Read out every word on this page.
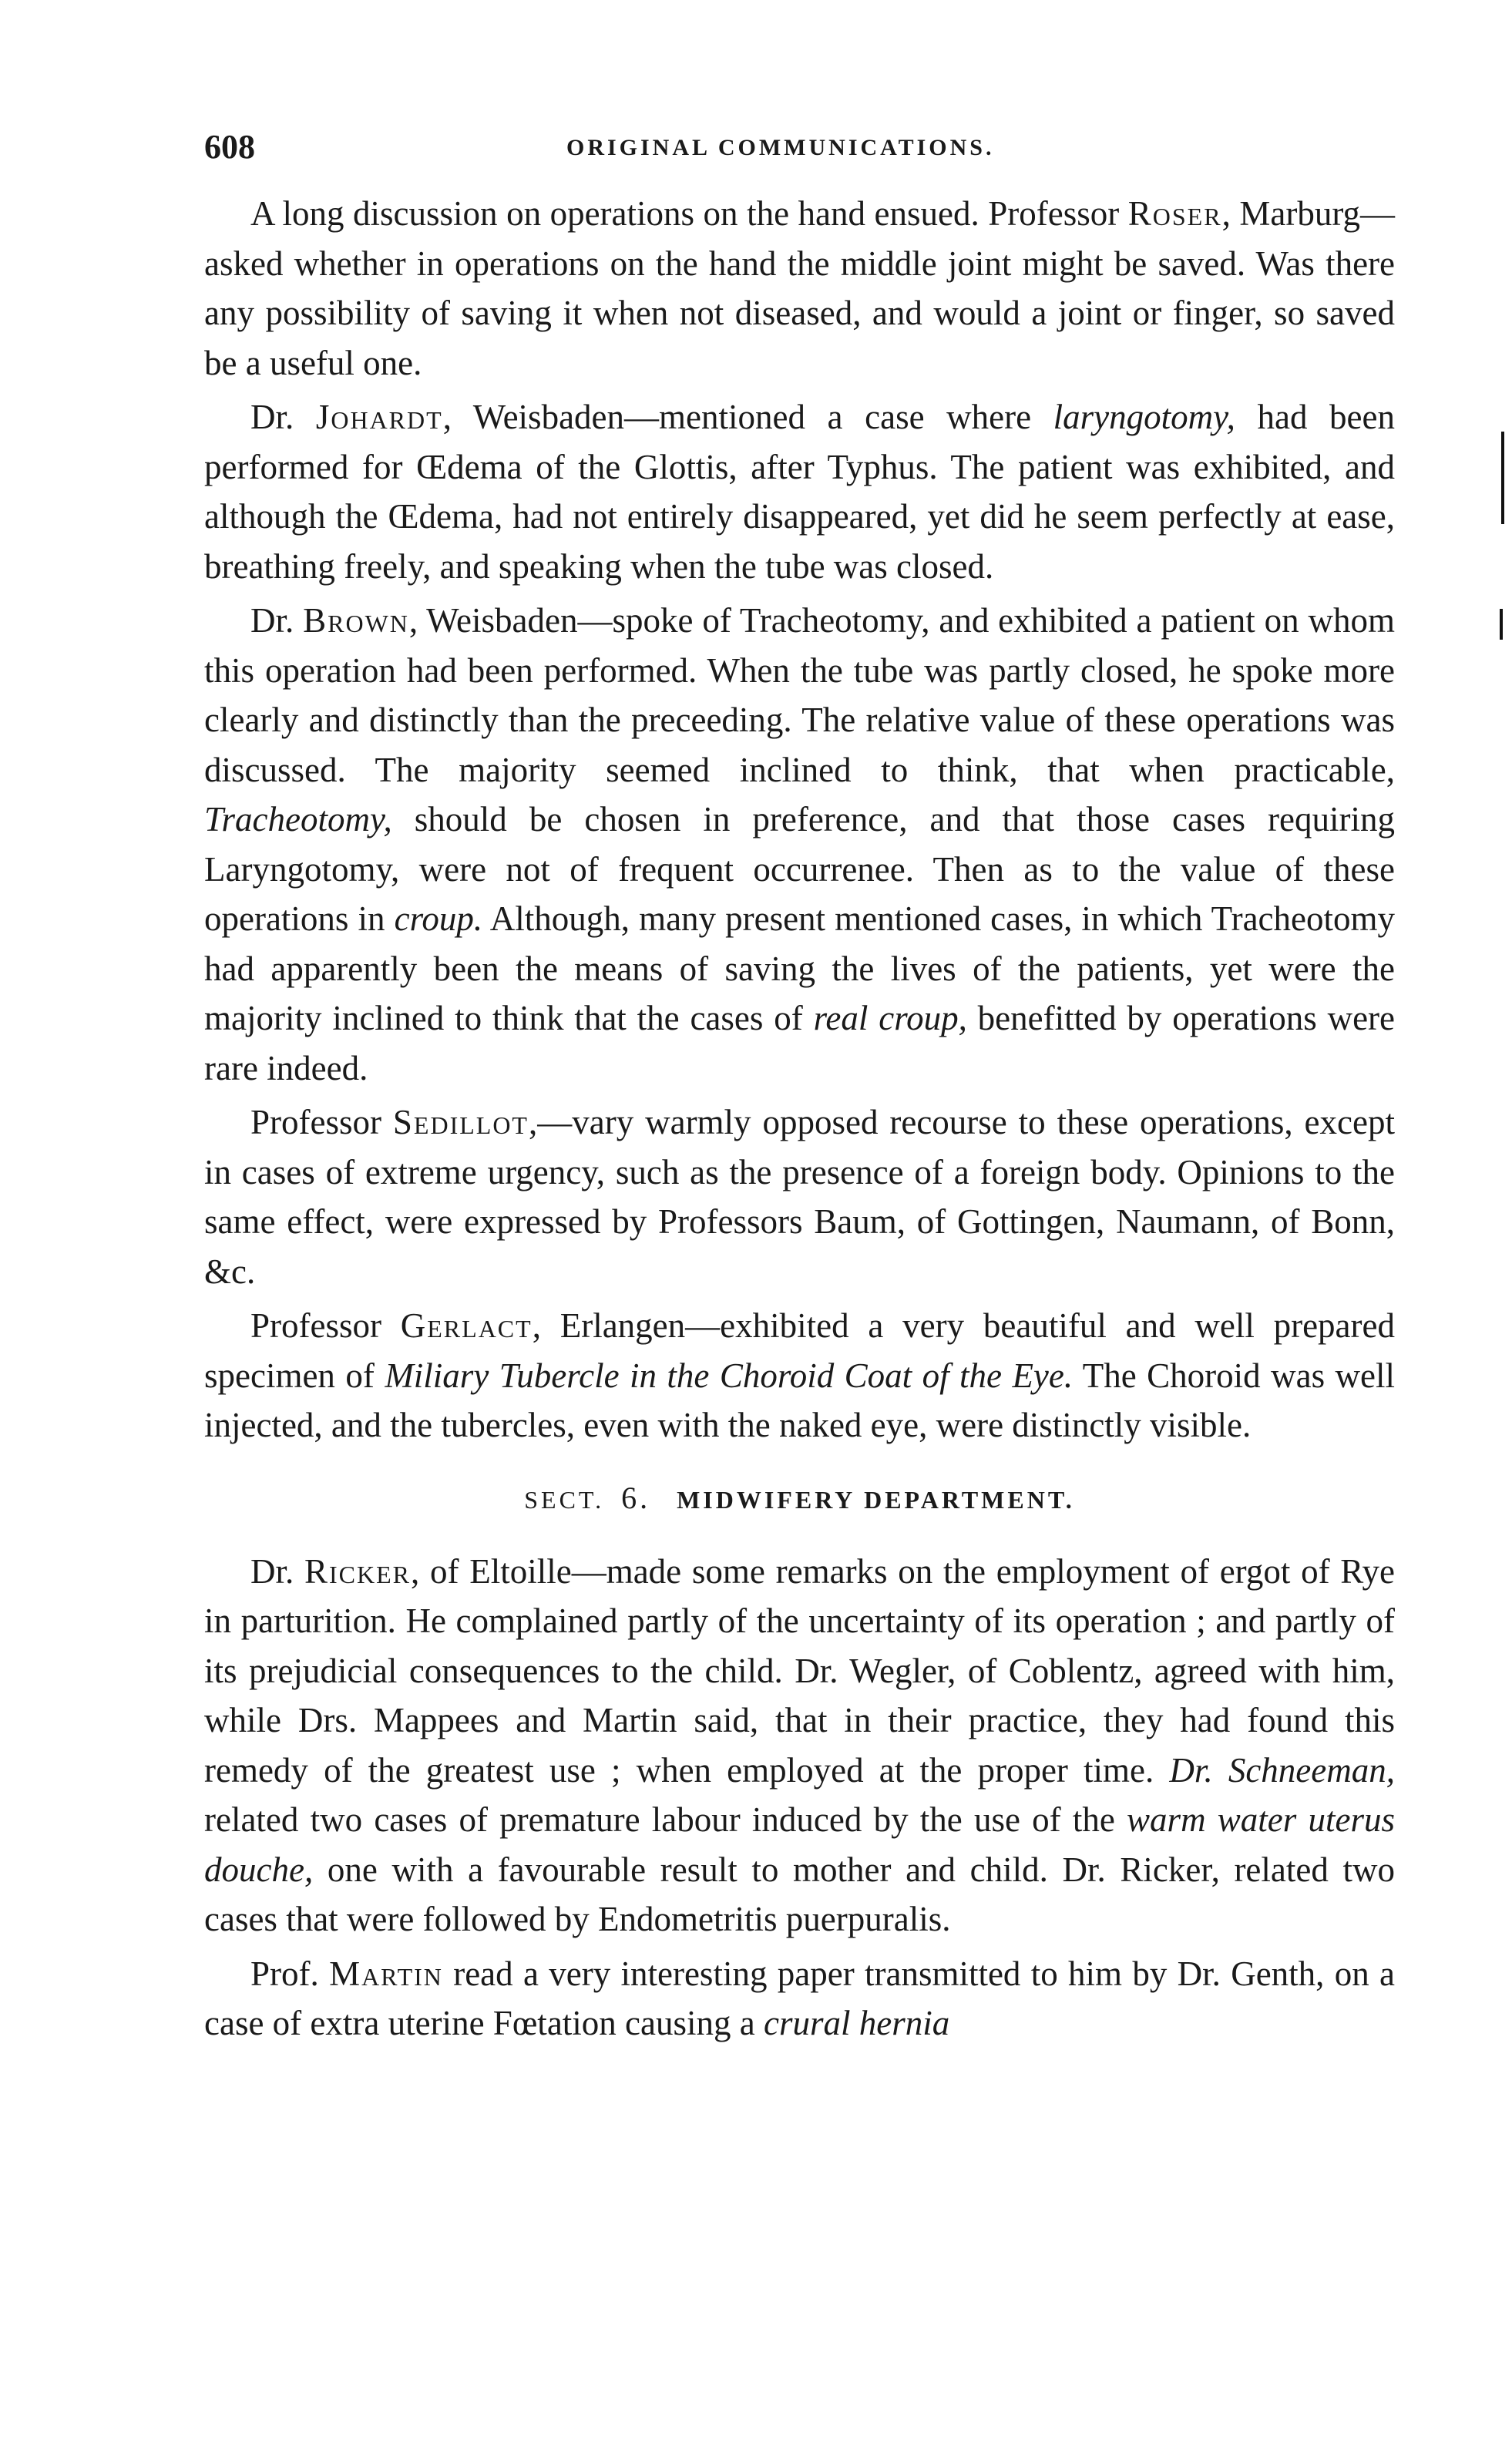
608	ORIGINAL COMMUNICATIONS.

A long discussion on operations on the hand ensued. Professor Roser, Marburg—asked whether in operations on the hand the middle joint might be saved. Was there any possibility of saving it when not diseased, and would a joint or finger, so saved be a useful one.

Dr. Johardt, Weisbaden—mentioned a case where laryngotomy, had been performed for Œdema of the Glottis, after Typhus. The patient was exhibited, and although the Œdema, had not entirely disappeared, yet did he seem perfectly at ease, breathing freely, and speaking when the tube was closed.

Dr. Brown, Weisbaden—spoke of Tracheotomy, and exhibited a patient on whom this operation had been performed. When the tube was partly closed, he spoke more clearly and distinctly than the preceeding. The relative value of these operations was discussed. The majority seemed inclined to think, that when practicable, Tracheotomy, should be chosen in preference, and that those cases requiring Laryngotomy, were not of frequent occurrenee. Then as to the value of these operations in croup. Although, many present mentioned cases, in which Tracheotomy had apparently been the means of saving the lives of the patients, yet were the majority inclined to think that the cases of real croup, benefitted by operations were rare indeed.

Professor Sedillot,—vary warmly opposed recourse to these operations, except in cases of extreme urgency, such as the presence of a foreign body. Opinions to the same effect, were expressed by Professors Baum, of Gottingen, Naumann, of Bonn, &c.

Professor Gerlact, Erlangen—exhibited a very beautiful and well prepared specimen of Miliary Tubercle in the Choroid Coat of the Eye. The Choroid was well injected, and the tubercles, even with the naked eye, were distinctly visible.

SECT. 6. MIDWIFERY DEPARTMENT.

Dr. Ricker, of Eltoille—made some remarks on the employment of ergot of Rye in parturition. He complained partly of the uncertainty of its operation ; and partly of its prejudicial consequences to the child. Dr. Wegler, of Coblentz, agreed with him, while Drs. Mappees and Martin said, that in their practice, they had found this remedy of the greatest use ; when employed at the proper time. Dr. Schneeman, related two cases of premature labour induced by the use of the warm water uterus douche, one with a favourable result to mother and child. Dr. Ricker, related two cases that were followed by Endometritis puerpuralis.

Prof. Martin read a very interesting paper transmitted to him by Dr. Genth, on a case of extra uterine Fœtation causing a crural hernia
